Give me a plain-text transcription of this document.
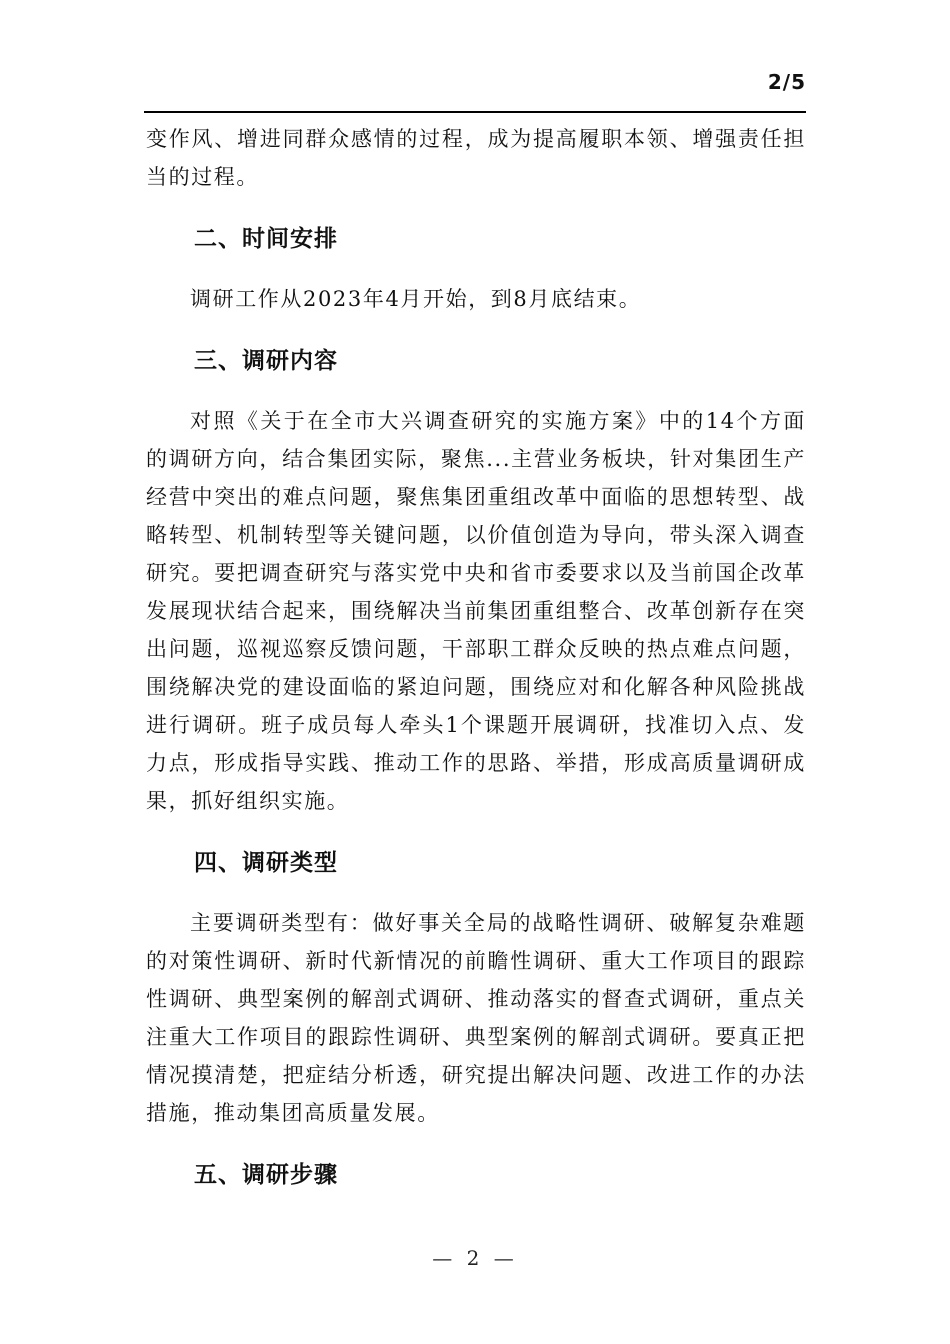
2/5

变作风、增进同群众感情的过程，成为提高履职本领、增强责任担当的过程。

二、时间安排

调研工作从2023年4月开始，到8月底结束。

三、调研内容

对照《关于在全市大兴调查研究的实施方案》中的14个方面的调研方向，结合集团实际，聚焦...主营业务板块，针对集团生产经营中突出的难点问题，聚焦集团重组改革中面临的思想转型、战略转型、机制转型等关键问题，以价值创造为导向，带头深入调查研究。要把调查研究与落实党中央和省市委要求以及当前国企改革发展现状结合起来，围绕解决当前集团重组整合、改革创新存在突出问题，巡视巡察反馈问题，干部职工群众反映的热点难点问题，围绕解决党的建设面临的紧迫问题，围绕应对和化解各种风险挑战进行调研。班子成员每人牵头1个课题开展调研，找准切入点、发力点，形成指导实践、推动工作的思路、举措，形成高质量调研成果，抓好组织实施。

四、调研类型

主要调研类型有：做好事关全局的战略性调研、破解复杂难题的对策性调研、新时代新情况的前瞻性调研、重大工作项目的跟踪性调研、典型案例的解剖式调研、推动落实的督查式调研，重点关注重大工作项目的跟踪性调研、典型案例的解剖式调研。要真正把情况摸清楚，把症结分析透，研究提出解决问题、改进工作的办法措施，推动集团高质量发展。

五、调研步骤
— 2 —
